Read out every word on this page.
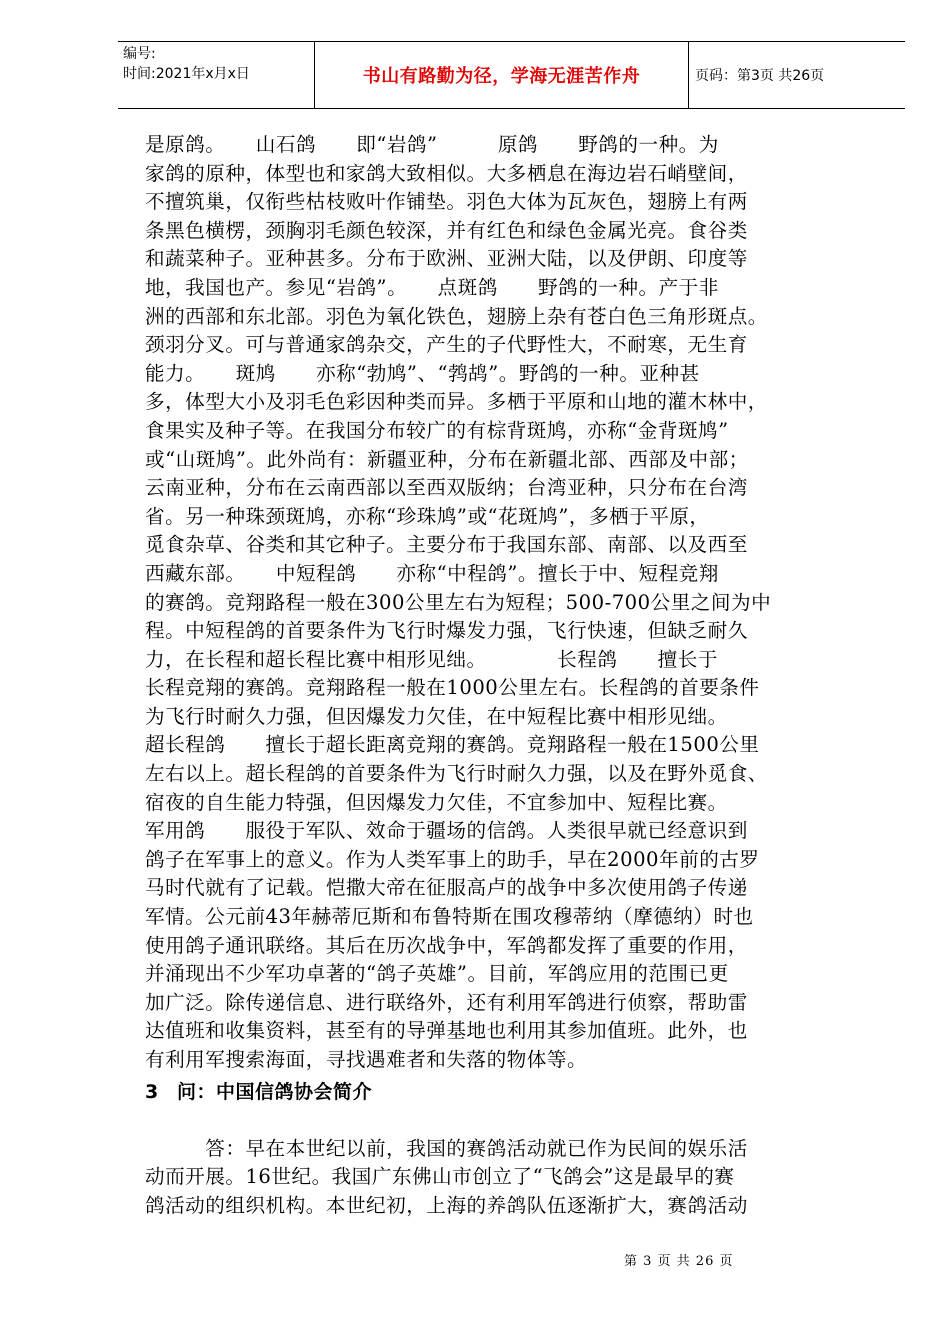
编号:
时间:2021年x月x日	书山有路勤为径，学海无涯苦作舟	页码：第3页 共26页
是原鸽。　　山石鸽　　即“岩鸽”　　　原鸽　　野鸽的一种。为
家鸽的原种，体型也和家鸽大致相似。大多栖息在海边岩石峭壁间，
不擅筑巢，仅衔些枯枝败叶作铺垫。羽色大体为瓦灰色，翅膀上有两
条黑色横楞，颈胸羽毛颜色较深，并有红色和绿色金属光亮。食谷类
和蔬菜种子。亚种甚多。分布于欧洲、亚洲大陆，以及伊朗、印度等
地，我国也产。参见“岩鸽”。　　点斑鸽　　野鸽的一种。产于非
洲的西部和东北部。羽色为氧化铁色，翅膀上杂有苍白色三角形斑点。
颈羽分叉。可与普通家鸽杂交，产生的子代野性大，不耐寒，无生育
能力。　　斑鸠　　亦称“勃鸠”、“鹁鸪”。野鸽的一种。亚种甚
多，体型大小及羽毛色彩因种类而异。多栖于平原和山地的灌木林中，
食果实及种子等。在我国分布较广的有棕背斑鸠，亦称“金背斑鸠”
或“山斑鸠”。此外尚有：新疆亚种，分布在新疆北部、西部及中部；
云南亚种，分布在云南西部以至西双版纳；台湾亚种，只分布在台湾
省。另一种珠颈斑鸠，亦称“珍珠鸠”或“花斑鸠”，多栖于平原，
觅食杂草、谷类和其它种子。主要分布于我国东部、南部、以及西至
西藏东部。　　中短程鸽　　亦称“中程鸽”。擅长于中、短程竞翔
的赛鸽。竞翔路程一般在300公里左右为短程；500-700公里之间为中
程。中短程鸽的首要条件为飞行时爆发力强，飞行快速，但缺乏耐久
力，在长程和超长程比赛中相形见绌。　　　　长程鸽　　擅长于
长程竞翔的赛鸽。竞翔路程一般在1000公里左右。长程鸽的首要条件
为飞行时耐久力强，但因爆发力欠佳，在中短程比赛中相形见绌。
超长程鸽　　擅长于超长距离竞翔的赛鸽。竞翔路程一般在1500公里
左右以上。超长程鸽的首要条件为飞行时耐久力强，以及在野外觅食、
宿夜的自生能力特强，但因爆发力欠佳，不宜参加中、短程比赛。
军用鸽　　服役于军队、效命于疆场的信鸽。人类很早就已经意识到
鸽子在军事上的意义。作为人类军事上的助手，早在2000年前的古罗
马时代就有了记载。恺撒大帝在征服高卢的战争中多次使用鸽子传递
军情。公元前43年赫蒂厄斯和布鲁特斯在围攻穆蒂纳（摩德纳）时也
使用鸽子通讯联络。其后在历次战争中，军鸽都发挥了重要的作用，
并涌现出不少军功卓著的“鸽子英雄”。目前，军鸽应用的范围已更
加广泛。除传递信息、进行联络外，还有利用军鸽进行侦察，帮助雷
达值班和收集资料，甚至有的导弹基地也利用其参加值班。此外，也
有利用军搜索海面，寻找遇难者和失落的物体等。
3 问：中国信鸽协会简介
　　　答：早在本世纪以前，我国的赛鸽活动就已作为民间的娱乐活
动而开展。16世纪。我国广东佛山市创立了“飞鸽会”这是最早的赛
鸽活动的组织机构。本世纪初，上海的养鸽队伍逐渐扩大，赛鸽活动
第 3 页 共 26 页
